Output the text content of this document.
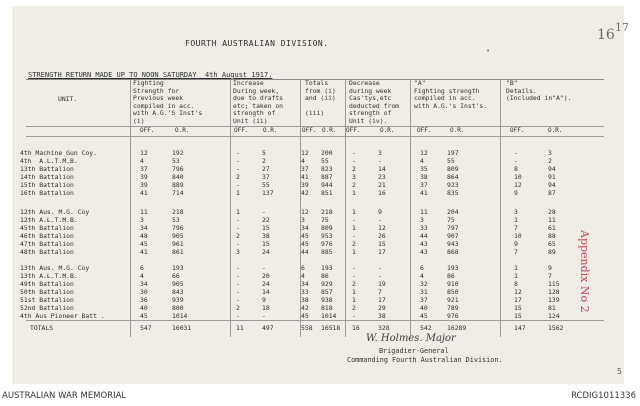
FOURTH AUSTRALIAN DIVISION.
16 17
•
STRENGTH RETURN MADE UP TO NOON SATURDAY  4th August 1917.
UNIT.
Fighting
Strength for
Previous week
compiled in acc.
with A.G.'S Inst's
(i)
Increase
During week,
due to drafts
etc; taken on
strength of
Unit (ii)
Totals
from (i)
and (ii)

(iii)
Decrease
during week
Cas'tys,etc
deducted from
strength of
Unit (iv).
"A"
Fighting strength
compiled in acc.
with A.G.'s Inst's.
"B"
Details.
(Included in"A").
OFF.	O.R.	OFF. O.R.	OFF. O.R. OFF.	O.R.	OFF.	O.R.	OFF.	O.R.
4th Machine Gun Coy.	12	192	-	5	12 200	-	3	12	197	-	3
4th  A.L.T.M.B.	4	53	-	2	4	55	-	-	4	55	-	2
13th Battalion	37	796	-	27	37 823	2	14	35	809	8	94
14th Battalion	39	840	2	37	41 887	3	23	38	864	10	91
15th Battalion	39	889	-	55	39 944	2	21	37	923	12	94
16th Battalion	41	714	1	137	42 851	1	16	41	835	9	87
12th Aus. M.G. Coy	11	218	1	-	12 218	1	9	11	204	3	28
12th A.L.T.M.B.	3	53	-	22	3	75	-	-	3	75	1	11
45th Battalion	34	796	-	15	34 809	1	12	33	797	7	61
46th Battalion	48	905	2	38	45 953	-	26	44	907	10	88
47th Battalion	45	961	-	15	45 976	2	15	43	943	9	65
48th Battalion	41	861	3	24	44 885	1	17	43	868	7	89
13th Aus. M.G. Coy	6	193	-	-	6	193	-	-	6	193	1	9
13th A.L.T.M.B.	4	66	-	20	4	86	-	-	4	86	1	7
49th Battalion	34	905	-	24	34 929	2	19	32	910	8	115
50th Battalion	30	843	-	14	33 857	1	7	31	850	12	128
51st Battalion	36	939	-	9	38 938	1	17	37	921	17	139
52nd Battalion	40	800	2	18	42 818	2	29	40	789	15	81
4th Aus Pioneer Batt .	45	1014	-	-	45 1014 -	38	45	976	15	124
TOTALS	547	16031	11	497	558 16518 16	328	542 16289	147	1562
Appendix No 2
5
W. Holmes. Major
Brigadier-General
Commanding Fourth Australian Division.
AUSTRALIAN WAR MEMORIAL	RCDIG1011336
